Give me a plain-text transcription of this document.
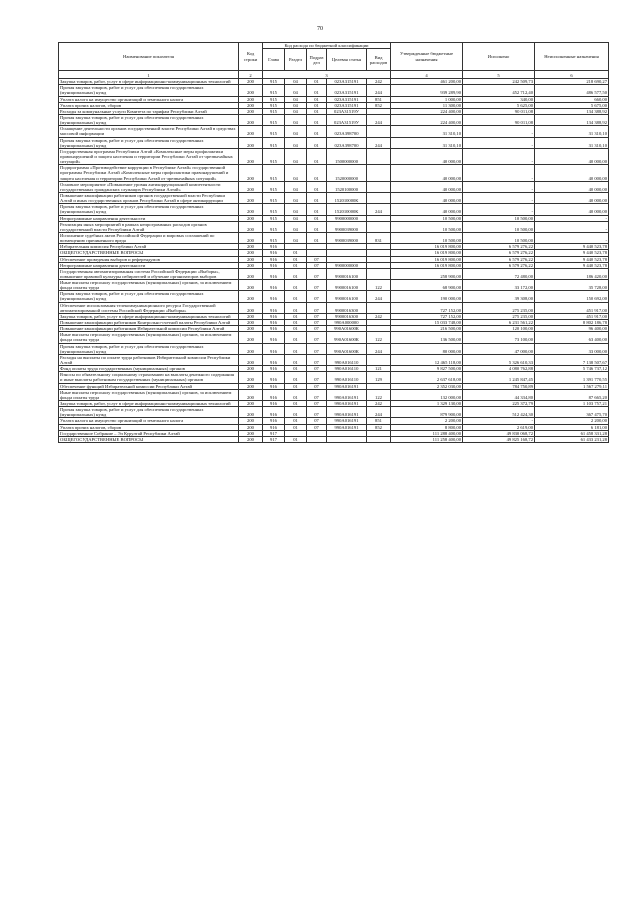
70
Наименование показателя	Код строки	Код расхода по бюджетной классификации					Утвержденные бюджетные назначения	Исполнено	Неисполненные назначения
		Глава	Раздел	Подраз дел	Целевая статья	Вид расходов			
1	2	3					4	5	6
Закупка товаров, работ, услуг в сфере информационно-коммуникационных технологий	200	915	04	01	023A315191	242	461 200,00	242 509,73	218 690,27
Прочая закупка товаров, работ и услуг для обеспечения государственных (муниципальных) нужд	200	915	04	01	023A315191	244	939 289,90	452 712,40	486 577,50
Уплата налога на имущество организаций и земельного налога	200	915	04	01	023A315191	851	1 000,00	340,00	660,00
Уплата прочих налогов, сборов	200	915	04	01	023A315191	852	11 300,00	5 625,00	5 675,00
Расходы за коммунальные услуги Комитета по тарифам Республики Алтай	200	915	04	01	023A31519У		224 400,00	90 011,08	134 388,92
Прочая закупка товаров, работ и услуг для обеспечения государственных (муниципальных) нужд	200	915	04	01	023A31519У	244	224 400,00	90 011,08	134 388,92
Оснащение деятельности органов государственной власти Республики Алтай в средствах массовой информации	200	915	04	01	023A398700		31 310,10	-	31 310,10
Прочая закупка товаров, работ и услуг для обеспечения государственных (муниципальных) нужд	200	915	04	01	023A398700	244	31 310,10	-	31 310,10
Государственная программа Республики Алтай «Комплексные меры профилактики правонарушений и защита населения и территории Республики Алтай от чрезвычайных ситуаций»	200	915	04	01	1500000000		40 000,00	-	40 000,00
Подпрограмма «Противодействие коррупции в Республике Алтай» государственной программы Республики Алтай «Комплексные меры профилактики правонарушений и защита населения и территории Республики Алтай от чрезвычайных ситуаций»	200	915	04	01	1520000000		40 000,00	-	40 000,00
Основное мероприятие «Повышение уровня антикоррупционной компетентности государственных гражданских служащих Республики Алтай»	200	915	04	01	1520100000		40 000,00	-	40 000,00
Повышение квалификации работников органов государственной власти Республики Алтай и иных государственных органов Республики Алтай в сфере антикоррупции	200	915	04	01	152010000К		40 000,00	-	40 000,00
Прочая закупка товаров, работ и услуг для обеспечения государственных (муниципальных) нужд	200	915	04	01	152010000К	244	40 000,00	-	40 000,00
Непрограммные направления деятельности	200	915	04	01	9900000000		10 500,00	10 500,00	-
Реализация иных мероприятий в рамках непрограммных расходов органов государственной власти Республики Алтай	200	915	04	01	9900039000		10 500,00	10 500,00	-
Исполнение судебных актов Российской Федерации и мировых соглашений по возмещению причиненного вреда	200	915	04	01	9900039000	831	10 500,00	10 500,00	-
Избирательная комиссия Республики Алтай	200	916					16 019 800,00	6 579 276,22	9 440 523,78
ОБЩЕГОСУДАРСТВЕННЫЕ ВОПРОСЫ	200	916	01				16 019 800,00	6 579 276,22	9 440 523,78
Обеспечение проведения выборов и референдумов	200	916	01	07			16 019 800,00	6 579 276,22	9 440 523,78
Непрограммные направления деятельности	200	916	01	07	9900000000		16 019 800,00	6 579 276,22	9 440 523,78
Государственная автоматизированная система Российской Федерации «Выборы», повышение правовой культуры избирателей и обучение организаторов выборов	200	916	01	07	9900016100		258 900,00	72 480,00	186 420,00
Иные выплаты персоналу государственных (муниципальных) органов, за исключением фонда оплаты труда	200	916	01	07	9900016100	122	68 900,00	33 172,00	35 728,00
Прочая закупка товаров, работ и услуг для обеспечения государственных (муниципальных) нужд	200	916	01	07	9900016100	244	190 000,00	39 308,00	150 692,00
Обеспечение использования телекоммуникационного ресурса Государственной автоматизированной системы Российской Федерации «Выборы»	200	916	01	07	9900016300		727 152,00	275 235,00	451 917,00
Закупка товаров, работ, услуг в сфере информационно-коммуникационных технологий	200	916	01	07	9900016300	242	727 152,00	275 235,00	451 917,00
Повышение квалификации работников Контрольно-счетной палаты Республики Алтай	200	916	01	07	990A000000		15 033 748,00	6 231 561,22	8 802 186,78
Повышение квалификации работников Избирательной комиссии Республики Алтай	200	916	01	07	990A01600К		216 500,00	120 100,00	96 400,00
Иные выплаты персоналу государственных (муниципальных) органов, за исключением фонда оплаты труда	200	916	01	07	990A01600К	122	136 500,00	73 100,00	63 400,00
Прочая закупка товаров, работ и услуг для обеспечения государственных (муниципальных) нужд	200	916	01	07	990A01600К	244	80 000,00	47 000,00	33 000,00
Расходы на выплаты по оплате труда работников Избирательной комиссии Республики Алтай	200	916	01	07	990A016110		12 465 118,00	5 326 610,33	7 138 507,67
Фонд оплаты труда государственных (муниципальных) органов	200	916	01	07	990A016110	121	9 827 500,00	4 080 762,88	5 746 737,12
Взносы по обязательному социальному страхованию на выплаты денежного содержания и иные выплаты работникам государственных (муниципальных) органов	200	916	01	07	990A016110	129	2 637 618,00	1 245 847,45	1 391 770,55
Обеспечение функций Избирательной комиссии Республики Алтай	200	916	01	07	990A016191		2 352 030,00	784 750,89	1 567 279,11
Иные выплаты персоналу государственных (муниципальных) органов, за исключением фонда оплаты труда	200	916	01	07	990A016191	122	132 000,00	44 334,80	87 665,20
Закупка товаров, работ, услуг в сфере информационно-коммуникационных технологий	200	916	01	07	990A016191	242	1 329 130,00	225 372,79	1 103 757,21
Прочая закупка товаров, работ и услуг для обеспечения государственных (муниципальных) нужд	200	916	01	07	990A016191	244	879 900,00	512 424,30	367 475,70
Уплата налога на имущество организаций и земельного налога	200	916	01	07	990A016191	851	2 200,00	-	2 200,00
Уплата прочих налогов, сборов	200	916	01	07	990A016191	852	8 800,00	2 619,00	6 181,00
Государственное Собрание – Эл Курултай Республики Алтай	200	917					111 288 400,00	49 830 068,72	61 458 331,28
ОБЩЕГОСУДАРСТВЕННЫЕ ВОПРОСЫ	200	917	01				111 258 400,00	49 825 168,72	61 433 231,28
